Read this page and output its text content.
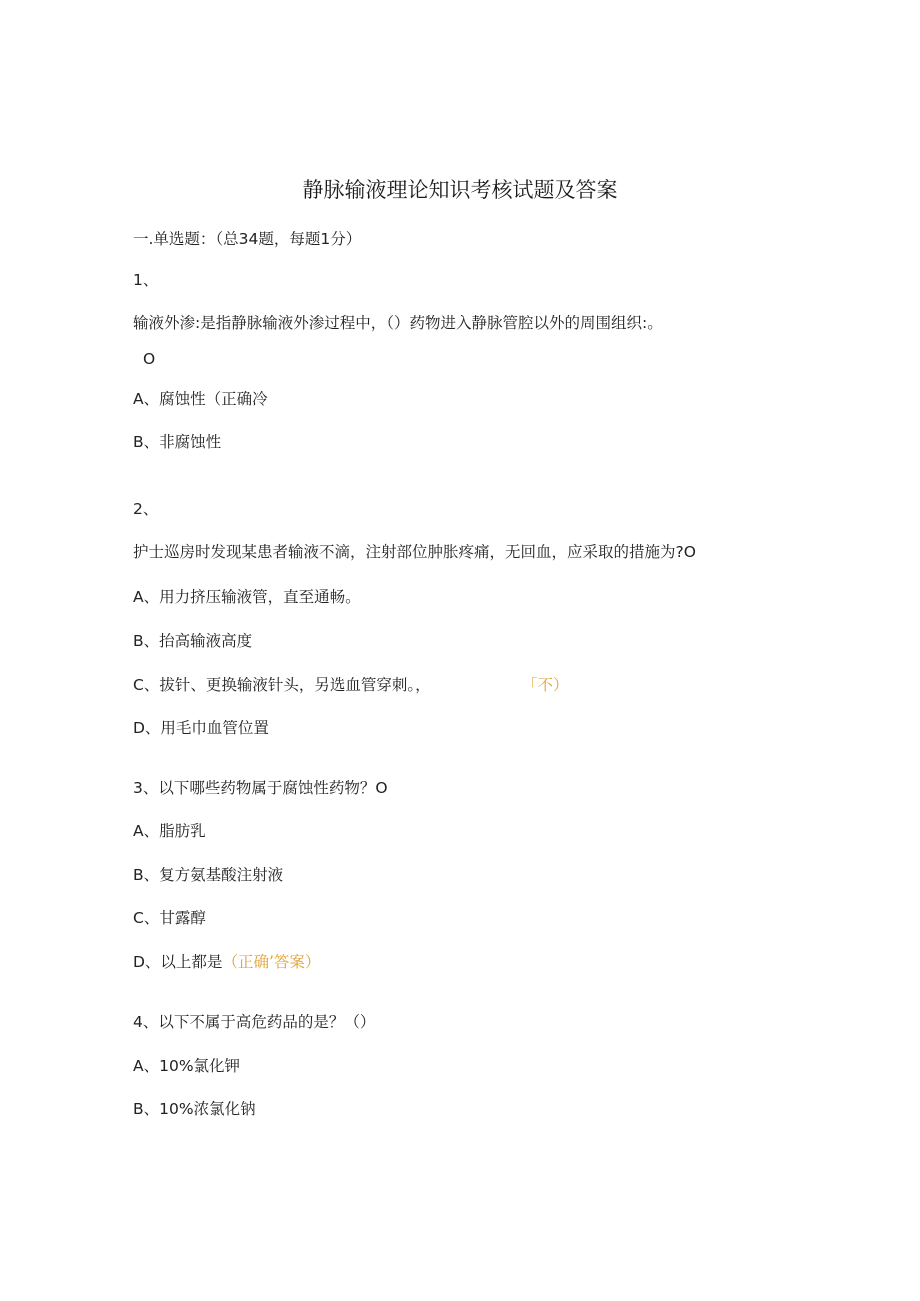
静脉输液理论知识考核试题及答案
一.单选题：（总34题，每题1分）
1、
输液外渗:是指静脉输液外渗过程中，（）药物进入静脉管腔以外的周围组织:。
O
A、腐蚀性（正确冷
B、非腐蚀性
2、
护士巡房时发现某患者输液不滴，注射部位肿胀疼痛，无回血，应采取的措施为?O
A、用力挤压输液管，直至通畅。
B、抬高输液高度
C、拔针、更换输液针头，另选血管穿刺。，	「不）
D、用毛巾血管位置
3、以下哪些药物属于腐蚀性药物？O
A、脂肪乳
B、复方氨基酸注射液
C、甘露醇
D、以上都是（正确’答案）
4、以下不属于高危药品的是？（）
A、10%氯化钾
B、10%浓氯化钠
